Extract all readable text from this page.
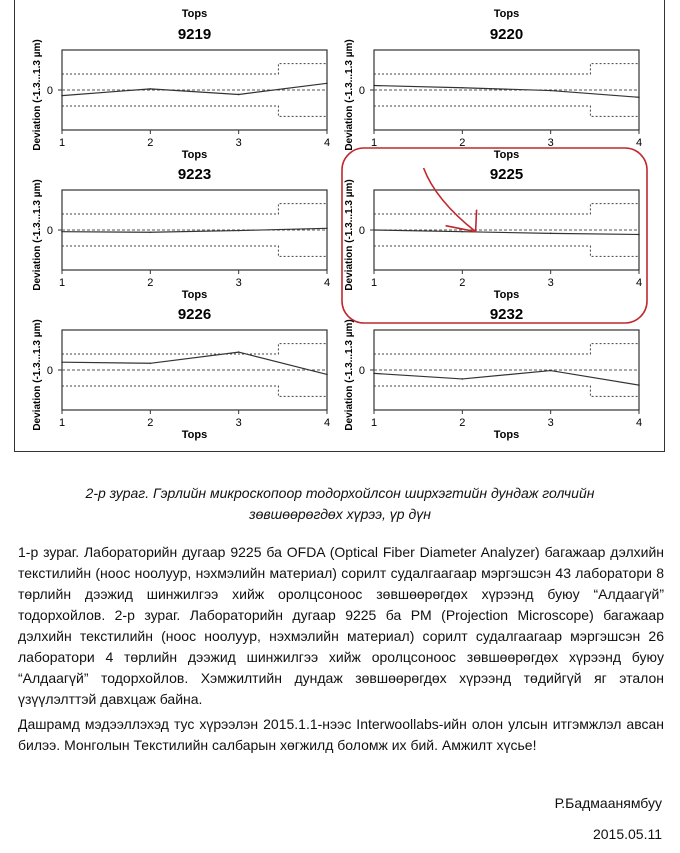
Tops	Tops
9219
0
Deviation (-1.3...1.3 µm) 1	2	3	4
Tops
9220
0
Deviation (-1.3...1.3 µm) 1	2	3	4
Tops
9223
0
Deviation (-1.3...1.3 µm) 1	2	3	4
Tops
9225
0
Deviation (-1.3...1.3 µm) 1	2	3	4
Tops
9226
0
Deviation (-1.3...1.3 µm) 1	2	3	4
Tops
9232
0
Deviation (-1.3...1.3 µm) 1	2	3	4
Tops
2-р зураг. Гэрлийн микроскопоор тодорхойлсон ширхэгтийн дундаж голчийн зөвшөөрөгдөх хүрээ, үр дүн

1-р зураг. Лабораторийн дугаар 9225 ба OFDA (Optical Fiber Diameter Analyzer) багажаар дэлхийн текстилийн (ноос ноолуур, нэхмэлийн материал) сорилт судалгаагаар мэргэшсэн 43 лаборатори 8 төрлийн дээжид шинжилгээ хийж оролцсоноос зөвшөөрөгдөх хүрээнд буюу “Алдаагүй” тодорхойлов. 2-р зураг. Лабораторийн дугаар 9225 ба PM (Projection Microscope) багажаар дэлхийн текстилийн (ноос ноолуур, нэхмэлийн материал) сорилт судалгаагаар мэргэшсэн 26 лаборатори 4 төрлийн дээжид шинжилгээ хийж оролцсоноос зөвшөөрөгдөх хүрээнд буюу “Алдаагүй” тодорхойлов. Хэмжилтийн дундаж зөвшөөрөгдөх хүрээнд төдийгүй яг эталон үзүүлэлттэй давхцаж байна.

Дашрамд мэдээллэхэд тус хүрээлэн 2015.1.1-нээс Interwoollabs-ийн олон улсын итгэмжлэл авсан билээ. Монголын Текстилийн салбарын хөгжилд боломж их бий. Амжилт хүсье!

Р.Бадмаанямбуу
2015.05.11
